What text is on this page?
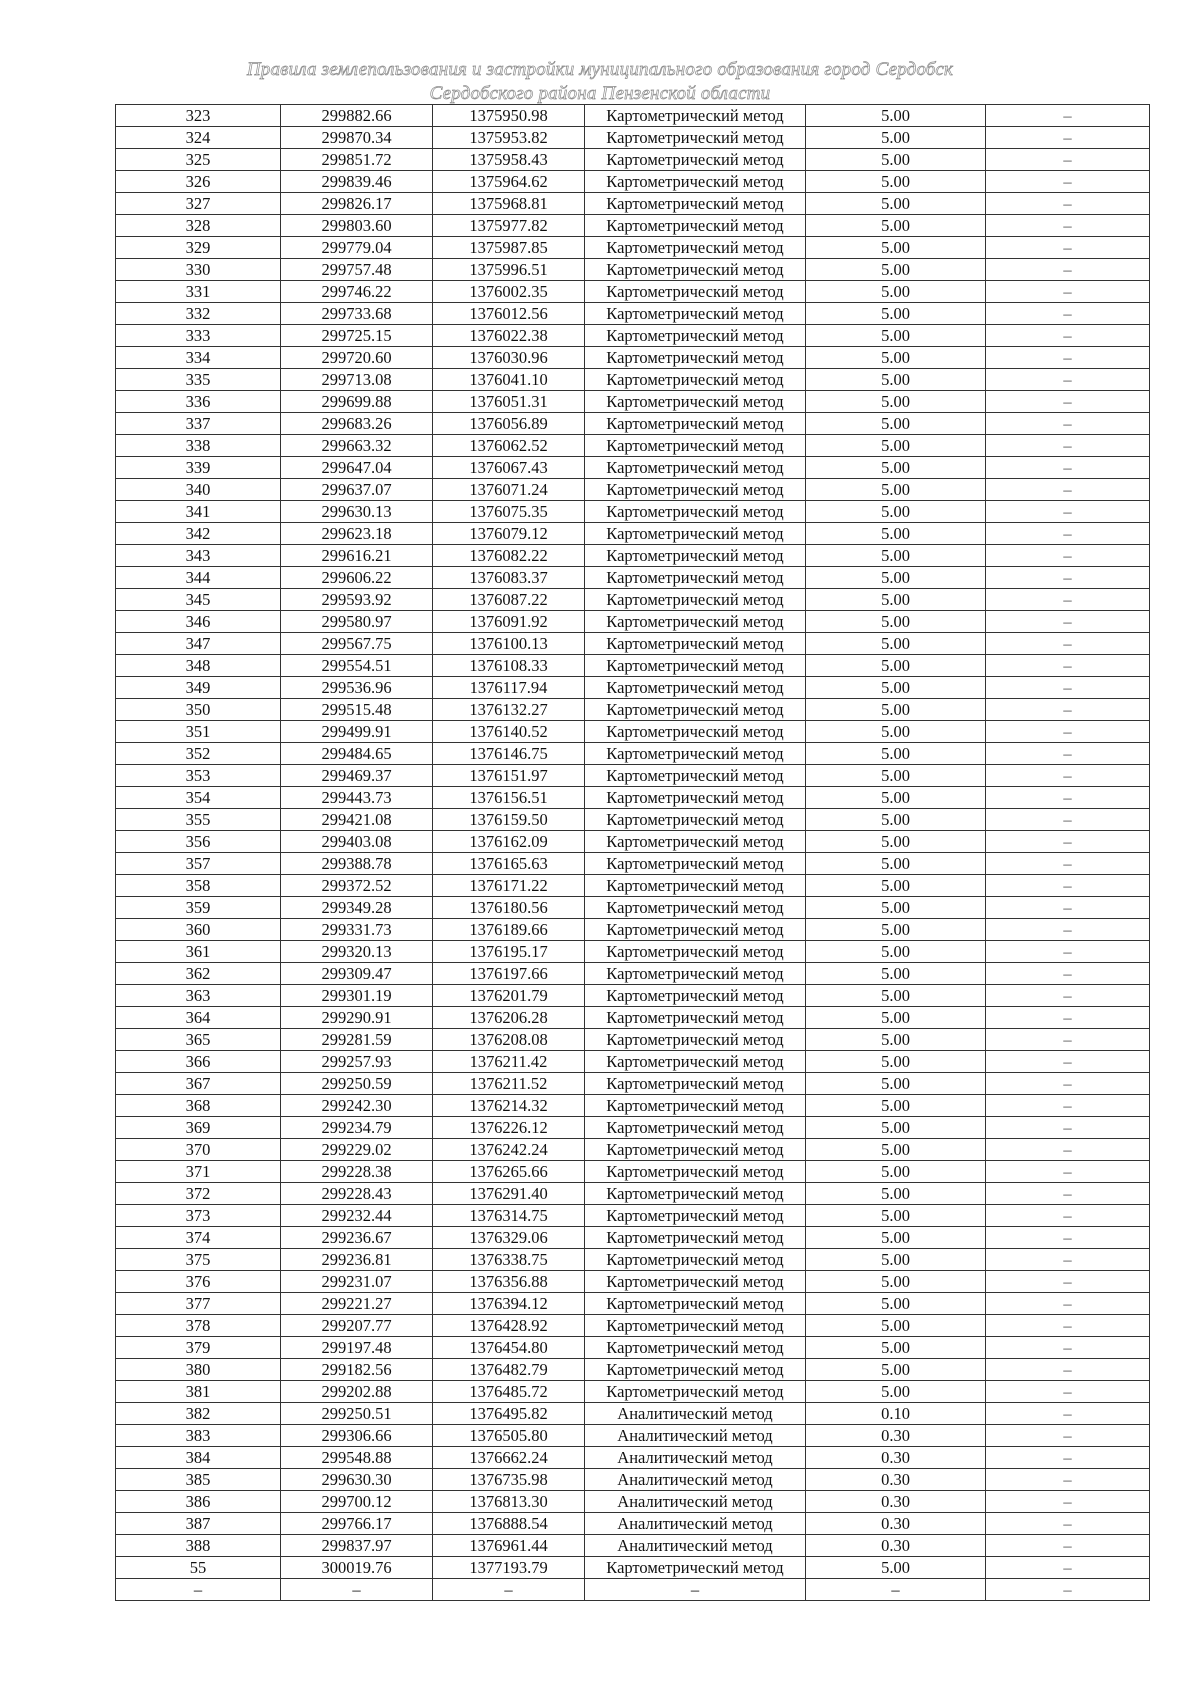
Правила землепользования и застройки муниципального образования город Сердобск
Сердобского района Пензенской области
323	299882.66	1375950.98	Картометрический метод	5.00	–
324	299870.34	1375953.82	Картометрический метод	5.00	–
325	299851.72	1375958.43	Картометрический метод	5.00	–
326	299839.46	1375964.62	Картометрический метод	5.00	–
327	299826.17	1375968.81	Картометрический метод	5.00	–
328	299803.60	1375977.82	Картометрический метод	5.00	–
329	299779.04	1375987.85	Картометрический метод	5.00	–
330	299757.48	1375996.51	Картометрический метод	5.00	–
331	299746.22	1376002.35	Картометрический метод	5.00	–
332	299733.68	1376012.56	Картометрический метод	5.00	–
333	299725.15	1376022.38	Картометрический метод	5.00	–
334	299720.60	1376030.96	Картометрический метод	5.00	–
335	299713.08	1376041.10	Картометрический метод	5.00	–
336	299699.88	1376051.31	Картометрический метод	5.00	–
337	299683.26	1376056.89	Картометрический метод	5.00	–
338	299663.32	1376062.52	Картометрический метод	5.00	–
339	299647.04	1376067.43	Картометрический метод	5.00	–
340	299637.07	1376071.24	Картометрический метод	5.00	–
341	299630.13	1376075.35	Картометрический метод	5.00	–
342	299623.18	1376079.12	Картометрический метод	5.00	–
343	299616.21	1376082.22	Картометрический метод	5.00	–
344	299606.22	1376083.37	Картометрический метод	5.00	–
345	299593.92	1376087.22	Картометрический метод	5.00	–
346	299580.97	1376091.92	Картометрический метод	5.00	–
347	299567.75	1376100.13	Картометрический метод	5.00	–
348	299554.51	1376108.33	Картометрический метод	5.00	–
349	299536.96	1376117.94	Картометрический метод	5.00	–
350	299515.48	1376132.27	Картометрический метод	5.00	–
351	299499.91	1376140.52	Картометрический метод	5.00	–
352	299484.65	1376146.75	Картометрический метод	5.00	–
353	299469.37	1376151.97	Картометрический метод	5.00	–
354	299443.73	1376156.51	Картометрический метод	5.00	–
355	299421.08	1376159.50	Картометрический метод	5.00	–
356	299403.08	1376162.09	Картометрический метод	5.00	–
357	299388.78	1376165.63	Картометрический метод	5.00	–
358	299372.52	1376171.22	Картометрический метод	5.00	–
359	299349.28	1376180.56	Картометрический метод	5.00	–
360	299331.73	1376189.66	Картометрический метод	5.00	–
361	299320.13	1376195.17	Картометрический метод	5.00	–
362	299309.47	1376197.66	Картометрический метод	5.00	–
363	299301.19	1376201.79	Картометрический метод	5.00	–
364	299290.91	1376206.28	Картометрический метод	5.00	–
365	299281.59	1376208.08	Картометрический метод	5.00	–
366	299257.93	1376211.42	Картометрический метод	5.00	–
367	299250.59	1376211.52	Картометрический метод	5.00	–
368	299242.30	1376214.32	Картометрический метод	5.00	–
369	299234.79	1376226.12	Картометрический метод	5.00	–
370	299229.02	1376242.24	Картометрический метод	5.00	–
371	299228.38	1376265.66	Картометрический метод	5.00	–
372	299228.43	1376291.40	Картометрический метод	5.00	–
373	299232.44	1376314.75	Картометрический метод	5.00	–
374	299236.67	1376329.06	Картометрический метод	5.00	–
375	299236.81	1376338.75	Картометрический метод	5.00	–
376	299231.07	1376356.88	Картометрический метод	5.00	–
377	299221.27	1376394.12	Картометрический метод	5.00	–
378	299207.77	1376428.92	Картометрический метод	5.00	–
379	299197.48	1376454.80	Картометрический метод	5.00	–
380	299182.56	1376482.79	Картометрический метод	5.00	–
381	299202.88	1376485.72	Картометрический метод	5.00	–
382	299250.51	1376495.82	Аналитический метод	0.10	–
383	299306.66	1376505.80	Аналитический метод	0.30	–
384	299548.88	1376662.24	Аналитический метод	0.30	–
385	299630.30	1376735.98	Аналитический метод	0.30	–
386	299700.12	1376813.30	Аналитический метод	0.30	–
387	299766.17	1376888.54	Аналитический метод	0.30	–
388	299837.97	1376961.44	Аналитический метод	0.30	–
55	300019.76	1377193.79	Картометрический метод	5.00	–
–	–	–	–	–	–
